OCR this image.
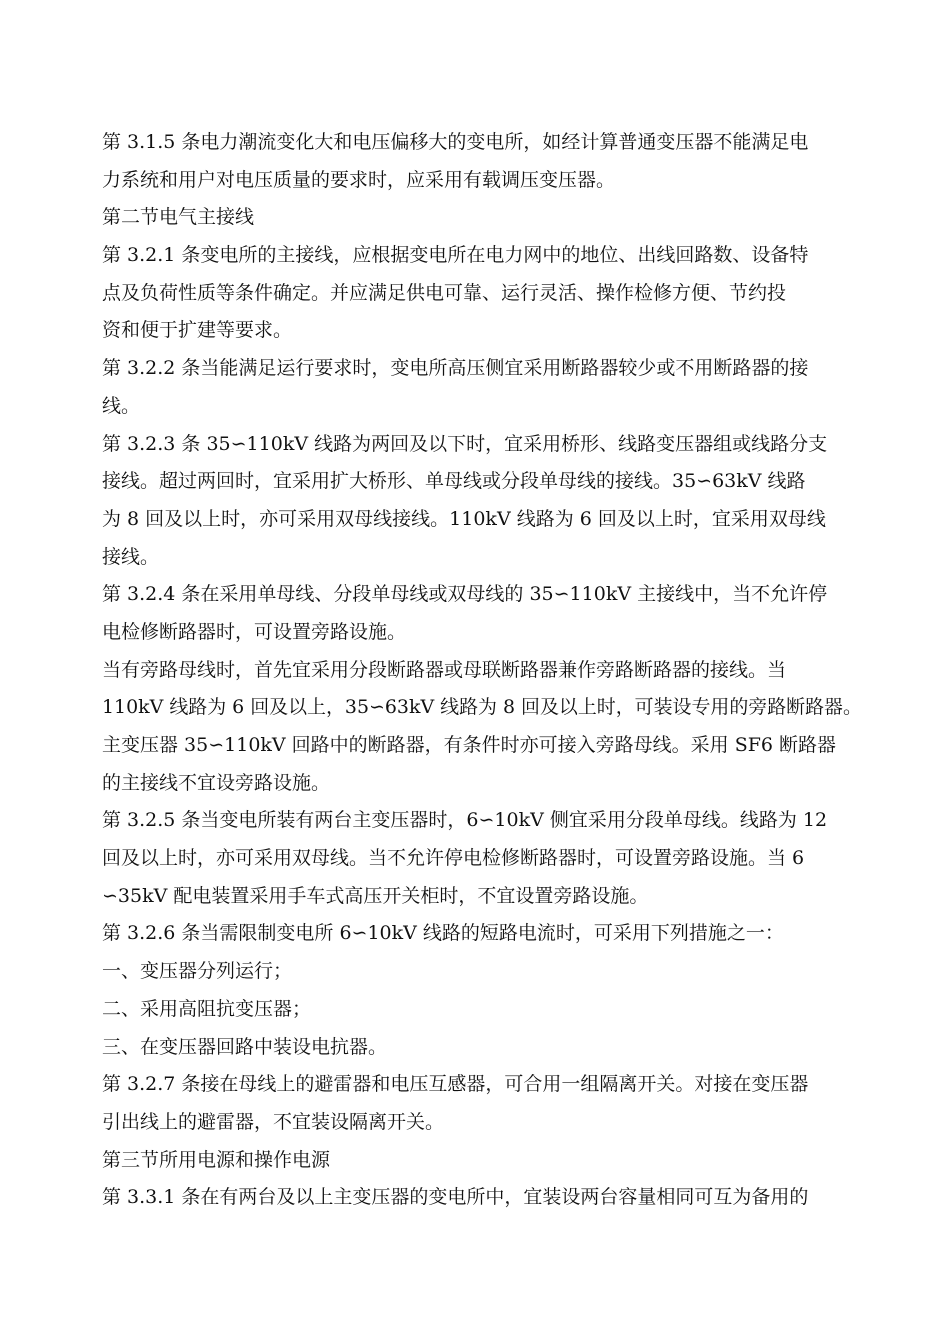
第 3.1.5 条电力潮流变化大和电压偏移大的变电所，如经计算普通变压器不能满足电
力系统和用户对电压质量的要求时，应采用有载调压变压器。
第二节电气主接线
第 3.2.1 条变电所的主接线，应根据变电所在电力网中的地位、出线回路数、设备特
点及负荷性质等条件确定。并应满足供电可靠、运行灵活、操作检修方便、节约投
资和便于扩建等要求。
第 3.2.2 条当能满足运行要求时，变电所高压侧宜采用断路器较少或不用断路器的接
线。
第 3.2.3 条 35∽110kV 线路为两回及以下时，宜采用桥形、线路变压器组或线路分支
接线。超过两回时，宜采用扩大桥形、单母线或分段单母线的接线。35∽63kV 线路
为 8 回及以上时，亦可采用双母线接线。110kV 线路为 6 回及以上时，宜采用双母线
接线。
第 3.2.4 条在采用单母线、分段单母线或双母线的 35∽110kV 主接线中，当不允许停
电检修断路器时，可设置旁路设施。
当有旁路母线时，首先宜采用分段断路器或母联断路器兼作旁路断路器的接线。当
110kV 线路为 6 回及以上，35∽63kV 线路为 8 回及以上时，可装设专用的旁路断路器。
主变压器 35∽110kV 回路中的断路器，有条件时亦可接入旁路母线。采用 SF6 断路器
的主接线不宜设旁路设施。
第 3.2.5 条当变电所装有两台主变压器时，6∽10kV 侧宜采用分段单母线。线路为 12
回及以上时，亦可采用双母线。当不允许停电检修断路器时，可设置旁路设施。当 6
∽35kV 配电装置采用手车式高压开关柜时，不宜设置旁路设施。
第 3.2.6 条当需限制变电所 6∽10kV 线路的短路电流时，可采用下列措施之一：
一、变压器分列运行；
二、采用高阻抗变压器；
三、在变压器回路中装设电抗器。
第 3.2.7 条接在母线上的避雷器和电压互感器，可合用一组隔离开关。对接在变压器
引出线上的避雷器，不宜装设隔离开关。
第三节所用电源和操作电源
第 3.3.1 条在有两台及以上主变压器的变电所中，宜装设两台容量相同可互为备用的
